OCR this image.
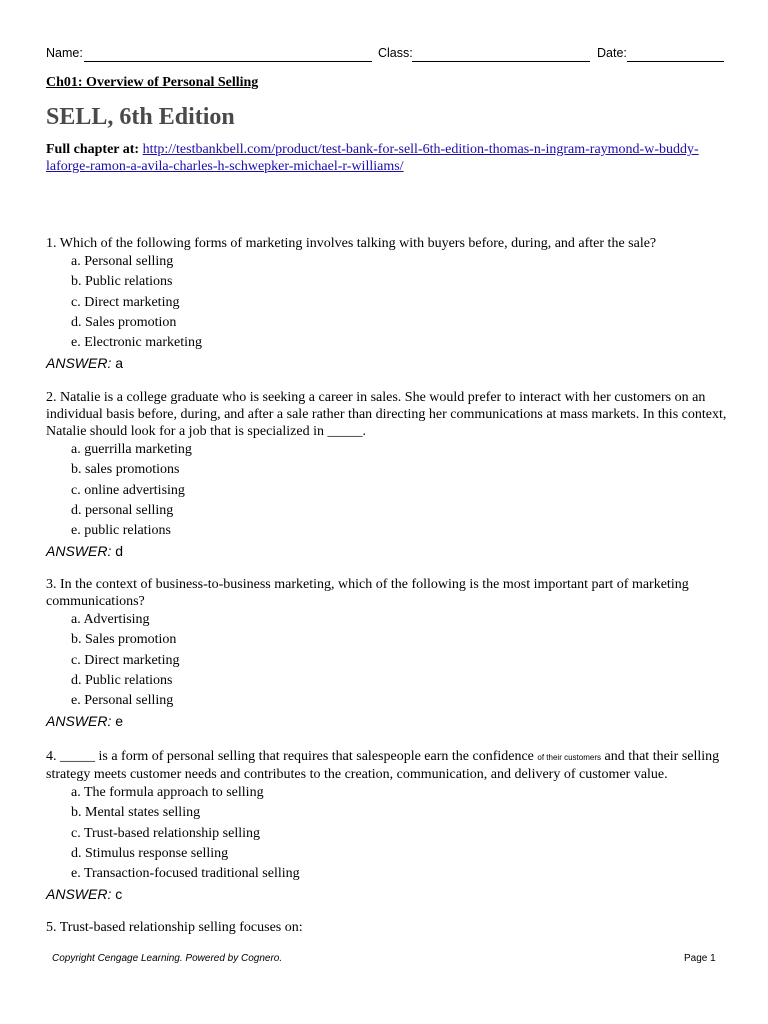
Name:	Class:	Date:
Ch01: Overview of Personal Selling
SELL, 6th Edition
Full chapter at: http://testbankbell.com/product/test-bank-for-sell-6th-edition-thomas-n-ingram-raymond-w-buddy-laforge-ramon-a-avila-charles-h-schwepker-michael-r-williams/
1. Which of the following forms of marketing involves talking with buyers before, during, and after the sale?
a. Personal selling
b. Public relations
c. Direct marketing
d. Sales promotion
e. Electronic marketing
ANSWER: a
2. Natalie is a college graduate who is seeking a career in sales. She would prefer to interact with her customers on an individual basis before, during, and after a sale rather than directing her communications at mass markets. In this context, Natalie should look for a job that is specialized in _____.
a. guerrilla marketing
b. sales promotions
c. online advertising
d. personal selling
e. public relations
ANSWER: d
3. In the context of business-to-business marketing, which of the following is the most important part of marketing communications?
a. Advertising
b. Sales promotion
c. Direct marketing
d. Public relations
e. Personal selling
ANSWER: e
4. _____ is a form of personal selling that requires that salespeople earn the confidence of their customers and that their selling strategy meets customer needs and contributes to the creation, communication, and delivery of customer value.
a. The formula approach to selling
b. Mental states selling
c. Trust-based relationship selling
d. Stimulus response selling
e. Transaction-focused traditional selling
ANSWER: c
5. Trust-based relationship selling focuses on:
Copyright Cengage Learning. Powered by Cognero.	Page 1
